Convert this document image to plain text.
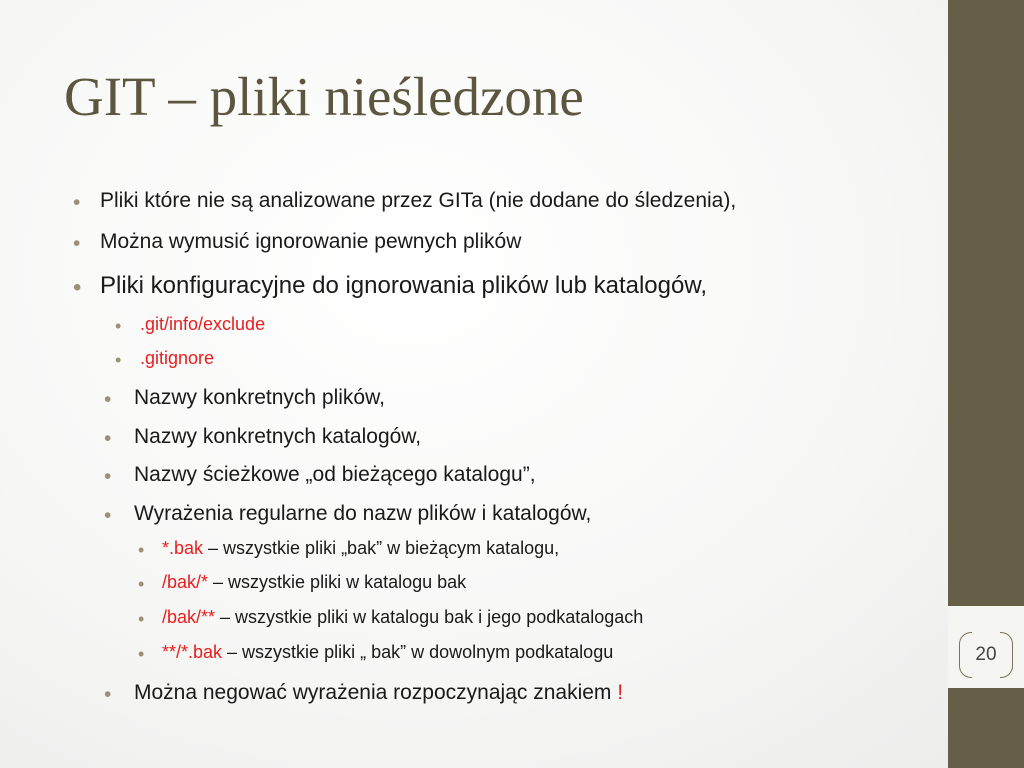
20
GIT – pliki nieśledzone
• Pliki które nie są analizowane przez GITa (nie dodane do śledzenia),
• Można wymusić ignorowanie pewnych plików
• Pliki konfiguracyjne do ignorowania plików lub katalogów,
• .git/info/exclude
• .gitignore
• Nazwy konkretnych plików,
• Nazwy konkretnych katalogów,
• Nazwy ścieżkowe „od bieżącego katalogu”,
• Wyrażenia regularne do nazw plików i katalogów,
• *.bak – wszystkie pliki „bak” w bieżącym katalogu,
• /bak/* – wszystkie pliki w katalogu bak
• /bak/** – wszystkie pliki w katalogu bak i jego podkatalogach
• **/*.bak – wszystkie pliki „ bak” w dowolnym podkatalogu
• Można negować wyrażenia rozpoczynając znakiem !
